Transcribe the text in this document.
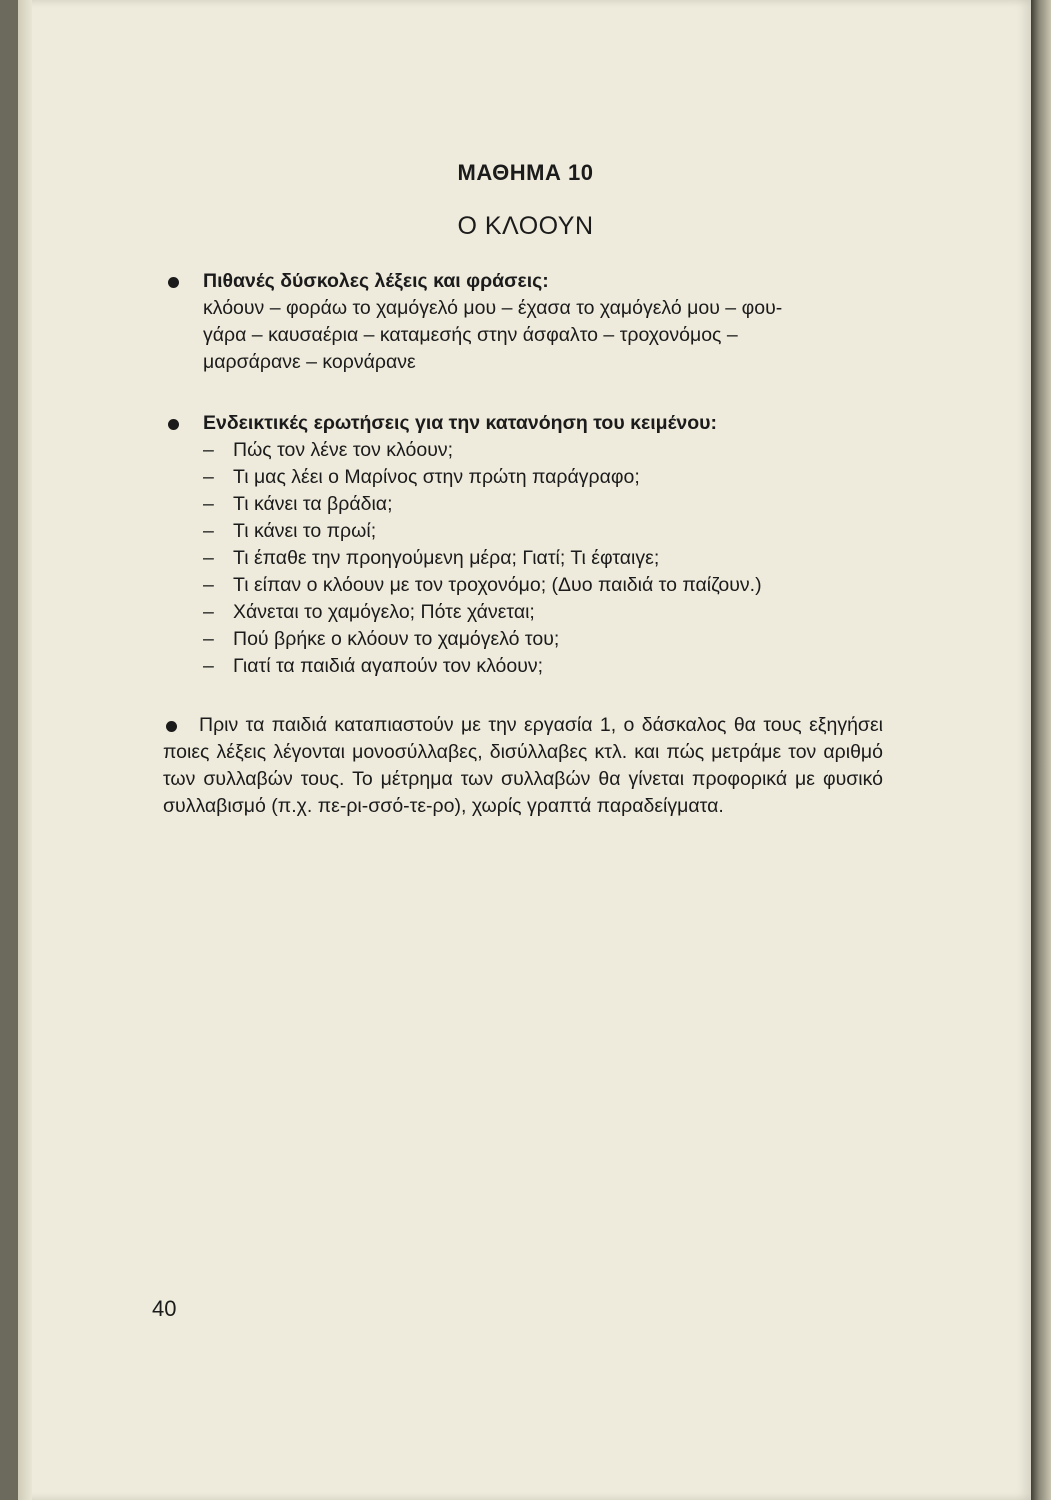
ΜΑΘΗΜΑ 10
Ο ΚΛΟΟΥΝ
Πιθανές δύσκολες λέξεις και φράσεις:
κλόουν – φοράω το χαμόγελό μου – έχασα το χαμόγελό μου – φου-
γάρα – καυσαέρια – καταμεσής στην άσφαλτο – τροχονόμος –
μαρσάρανε – κορνάρανε
Ενδεικτικές ερωτήσεις για την κατανόηση του κειμένου:
– Πώς τον λένε τον κλόουν;
– Τι μας λέει ο Μαρίνος στην πρώτη παράγραφο;
– Τι κάνει τα βράδια;
– Τι κάνει το πρωί;
– Τι έπαθε την προηγούμενη μέρα; Γιατί; Τι έφταιγε;
– Τι είπαν ο κλόουν με τον τροχονόμο; (Δυο παιδιά το παίζουν.)
– Χάνεται το χαμόγελο; Πότε χάνεται;
– Πού βρήκε ο κλόουν το χαμόγελό του;
– Γιατί τα παιδιά αγαπούν τον κλόουν;
Πριν τα παιδιά καταπιαστούν με την εργασία 1, ο δάσκαλος θα τους εξηγήσει ποιες λέξεις λέγονται μονοσύλλαβες, δισύλλαβες κτλ. και πώς μετράμε τον αριθμό των συλλαβών τους. Το μέτρημα των συλλαβών θα γίνεται προφορικά με φυσικό συλλαβισμό (π.χ. πε-ρι-σσό-τε-ρο), χωρίς γραπτά παραδείγματα.
40
